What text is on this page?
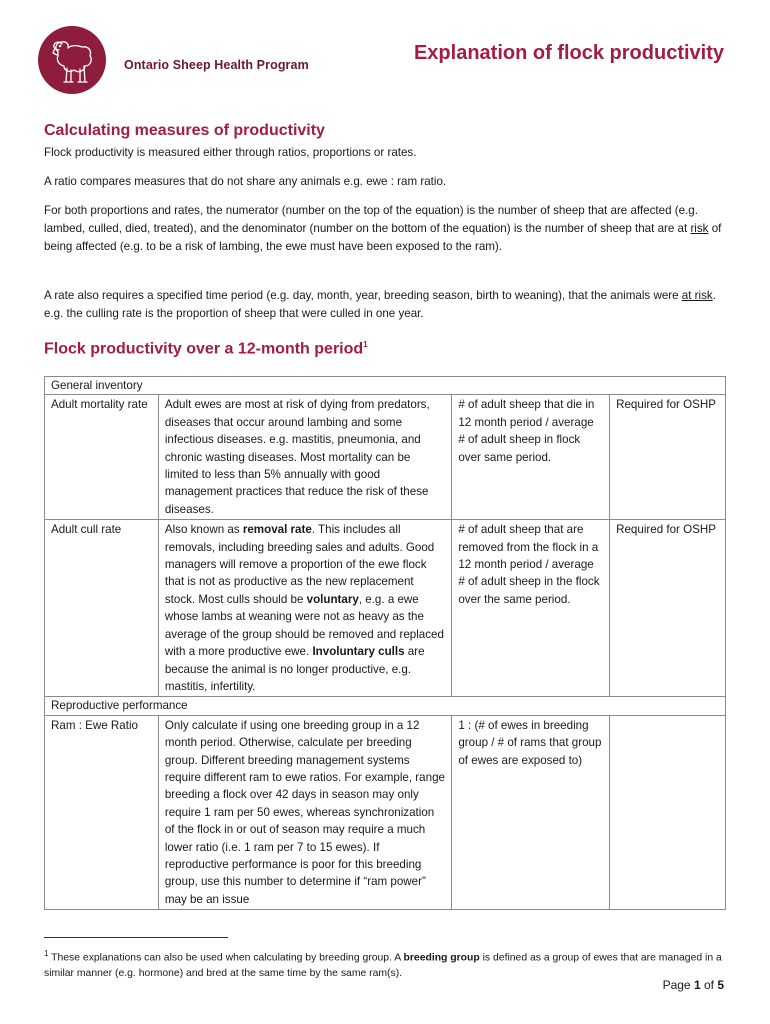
Ontario Sheep Health Program
Explanation of flock productivity
Calculating measures of productivity
Flock productivity is measured either through ratios, proportions or rates.
A ratio compares measures that do not share any animals e.g. ewe : ram ratio.
For both proportions and rates, the numerator (number on the top of the equation) is the number of sheep that are affected (e.g. lambed, culled, died, treated), and the denominator (number on the bottom of the equation) is the number of sheep that are at risk of being affected (e.g. to be a risk of lambing, the ewe must have been exposed to the ram).
A rate also requires a specified time period (e.g. day, month, year, breeding season, birth to weaning), that the animals were at risk. e.g. the culling rate is the proportion of sheep that were culled in one year.
Flock productivity over a 12-month period$^1$
General inventory			
Adult mortality rate	Adult ewes are most at risk of dying from predators, diseases that occur around lambing and some infectious diseases. e.g. mastitis, pneumonia, and chronic wasting diseases. Most mortality can be limited to less than 5% annually with good management practices that reduce the risk of these diseases.	# of adult sheep that die in 12 month period / average # of adult sheep in flock over same period.	Required for OSHP
Adult cull rate	Also known as removal rate. This includes all removals, including breeding sales and adults. Good managers will remove a proportion of the ewe flock that is not as productive as the new replacement stock. Most culls should be voluntary, e.g. a ewe whose lambs at weaning were not as heavy as the average of the group should be removed and replaced with a more productive ewe. Involuntary culls are because the animal is no longer productive, e.g. mastitis, infertility.	# of adult sheep that are removed from the flock in a 12 month period / average # of adult sheep in the flock over the same period.	Required for OSHP
Reproductive performance			
Ram : Ewe Ratio	Only calculate if using one breeding group in a 12 month period. Otherwise, calculate per breeding group. Different breeding management systems require different ram to ewe ratios. For example, range breeding a flock over 42 days in season may only require 1 ram per 50 ewes, whereas synchronization of the flock in or out of season may require a much lower ratio (i.e. 1 ram per 7 to 15 ewes). If reproductive performance is poor for this breeding group, use this number to determine if “ram power” may be an issue	1 : (# of ewes in breeding group / # of rams that group of ewes are exposed to)	
$^1$ These explanations can also be used when calculating by breeding group. A breeding group is defined as a group of ewes that are managed in a similar manner (e.g. hormone) and bred at the same time by the same ram(s).
Page 1 of 5
